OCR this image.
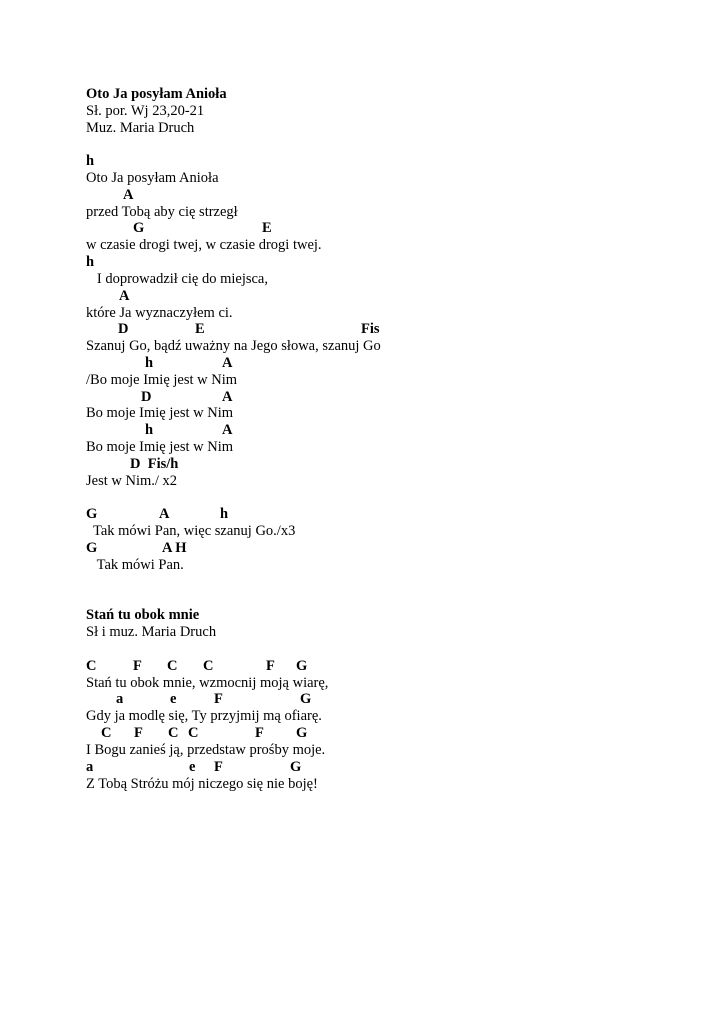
Oto Ja posyłam Anioła
Sł. por. Wj 23,20-21
Muz. Maria Druch
h
Oto Ja posyłam Anioła
A
przed Tobą aby cię strzegł
G	E
w czasie drogi twej, w czasie drogi twej.
h
I doprowadził cię do miejsca,
A
które Ja wyznaczyłem ci.
D	E	Fis
Szanuj Go, bądź uważny na Jego słowa, szanuj Go
h	A
/Bo moje Imię jest w Nim
D	A
Bo moje Imię jest w Nim
h	A
Bo moje Imię jest w Nim
D  Fis/h
Jest w Nim./ x2
G	A	h
Tak mówi Pan, więc szanuj Go./x3
G	A H
Tak mówi Pan.
Stań tu obok mnie
Sł i muz. Maria Druch
C	F C C	F G
Stań tu obok mnie, wzmocnij moją wiarę,
a	e	F	G
Gdy ja modlę się, Ty przyjmij mą ofiarę.
C F C C	F G
I Bogu zanieś ją, przedstaw prośby moje.
a	e F	G
Z Tobą Stróżu mój niczego się nie boję!
